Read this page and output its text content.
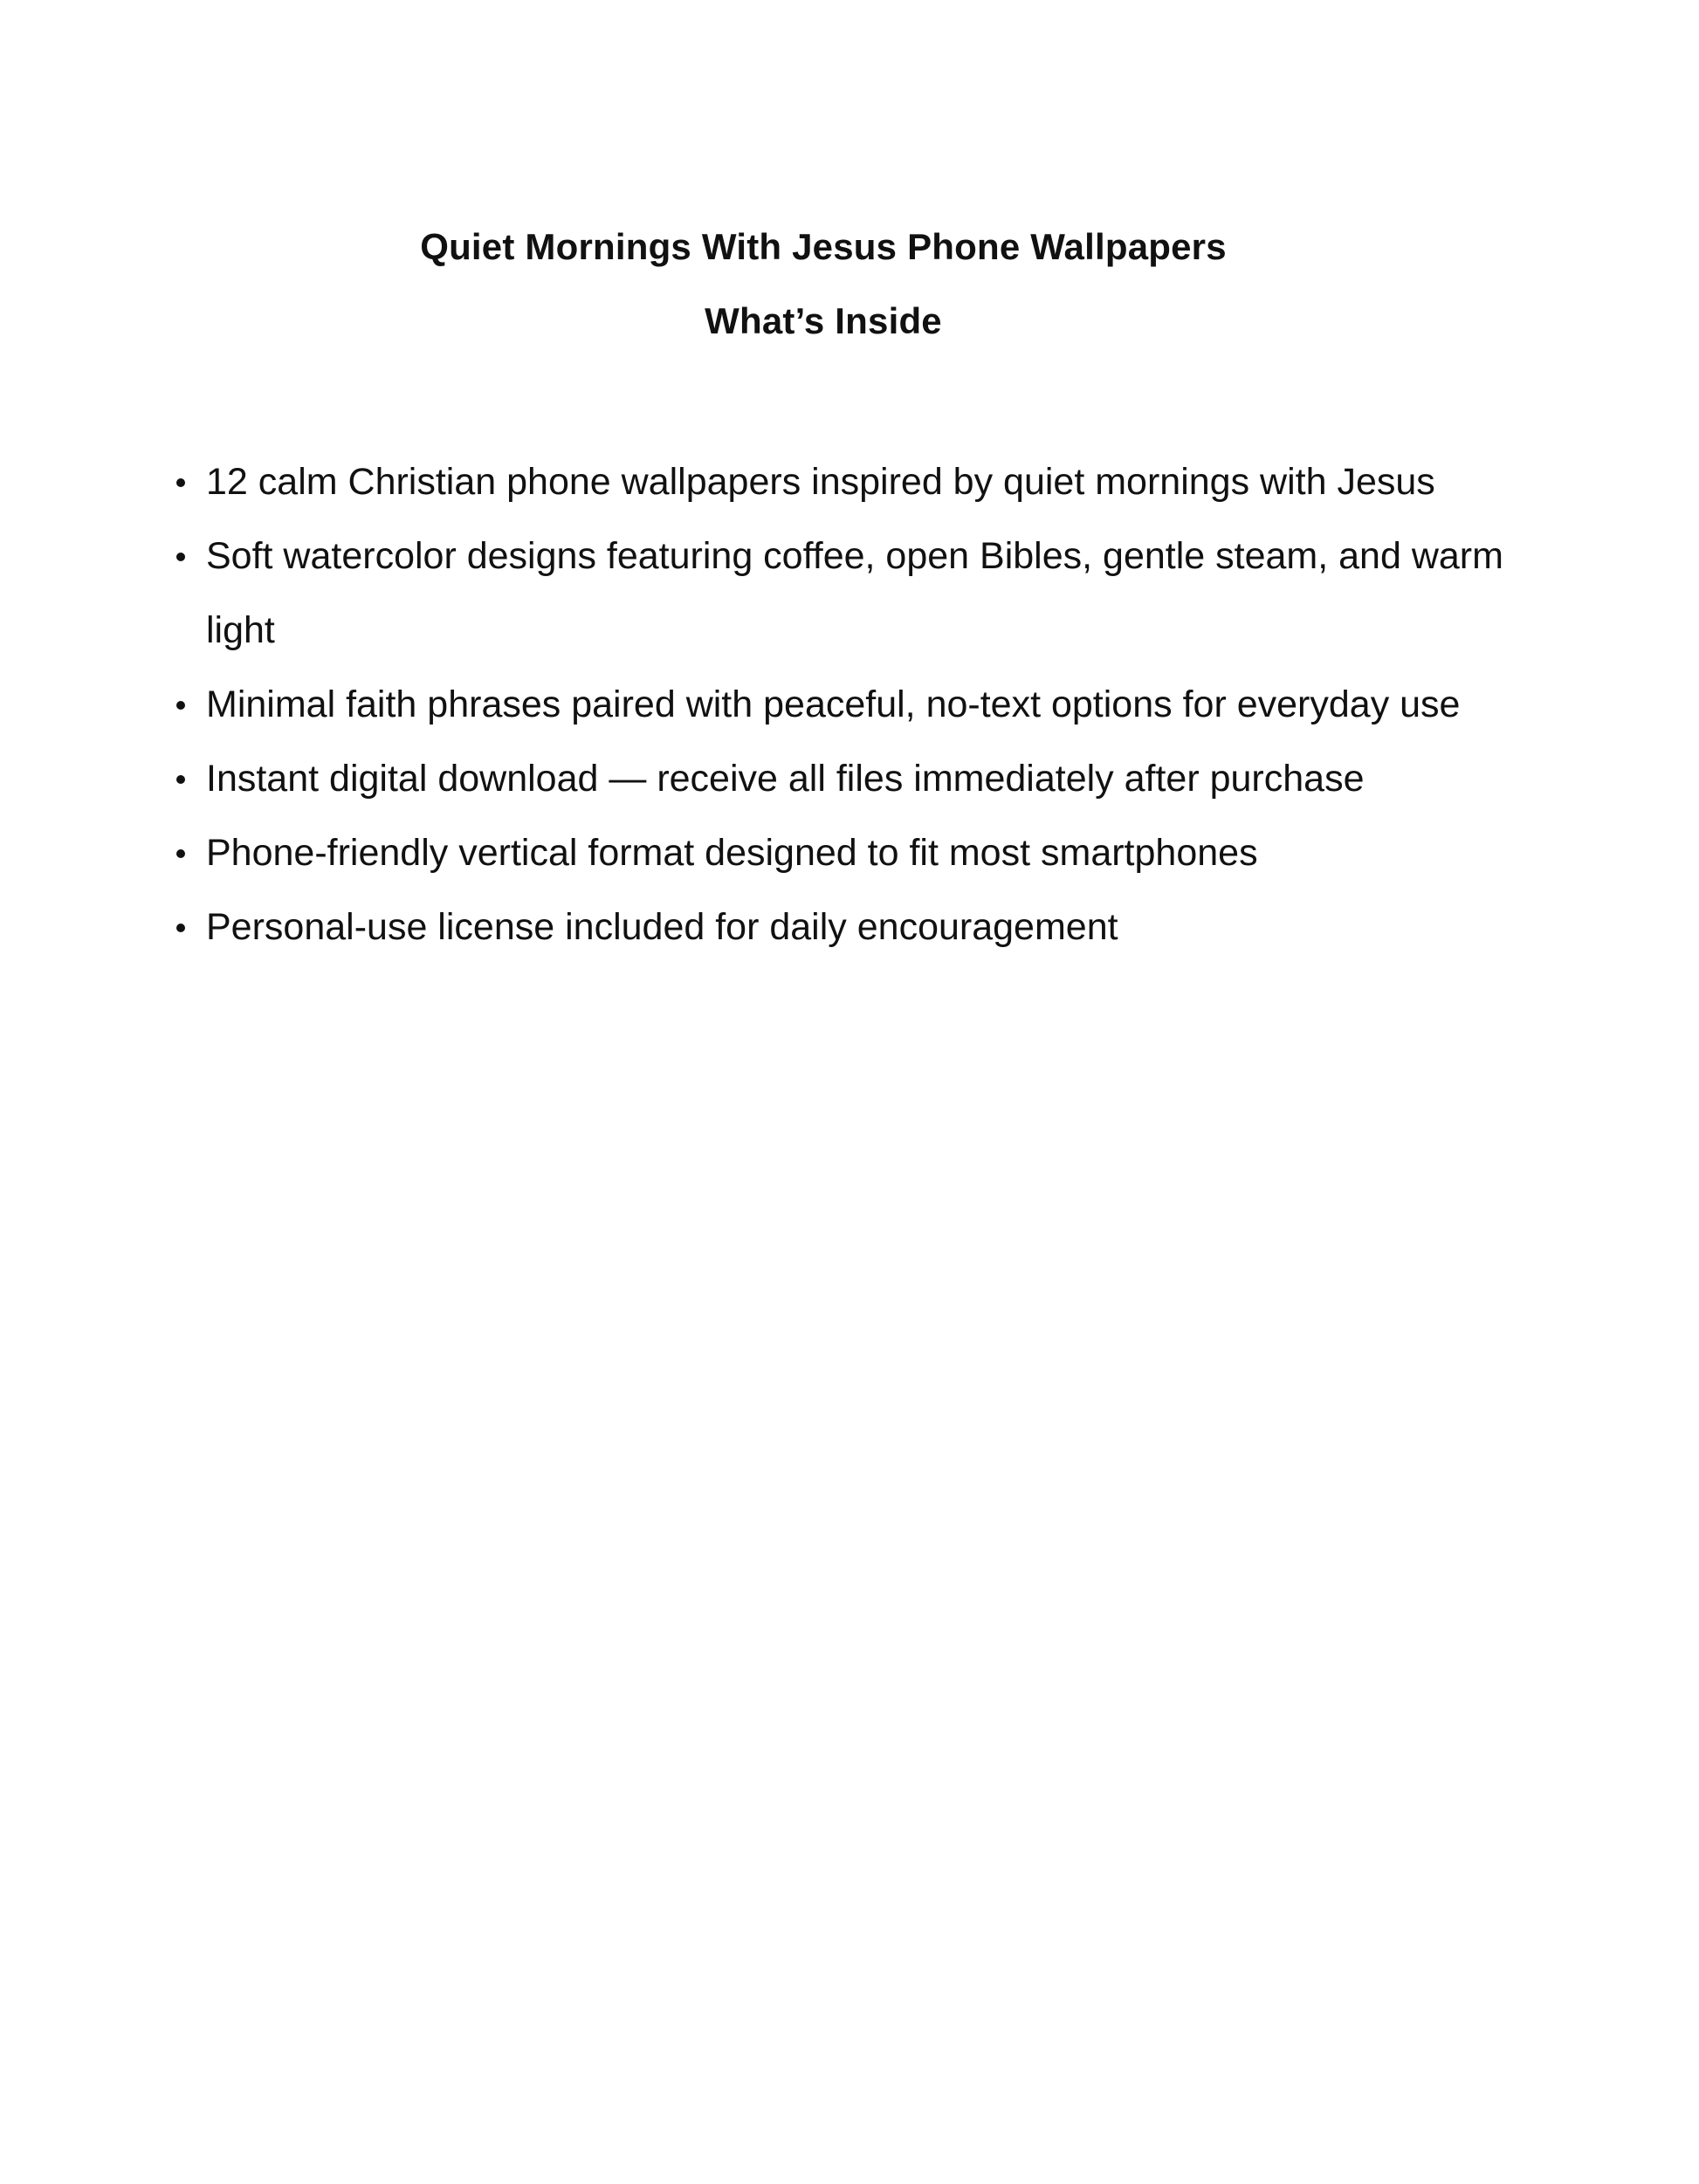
Quiet Mornings With Jesus Phone Wallpapers
What’s Inside
12 calm Christian phone wallpapers inspired by quiet mornings with Jesus
Soft watercolor designs featuring coffee, open Bibles, gentle steam, and warm light
Minimal faith phrases paired with peaceful, no-text options for everyday use
Instant digital download — receive all files immediately after purchase
Phone-friendly vertical format designed to fit most smartphones
Personal-use license included for daily encouragement
